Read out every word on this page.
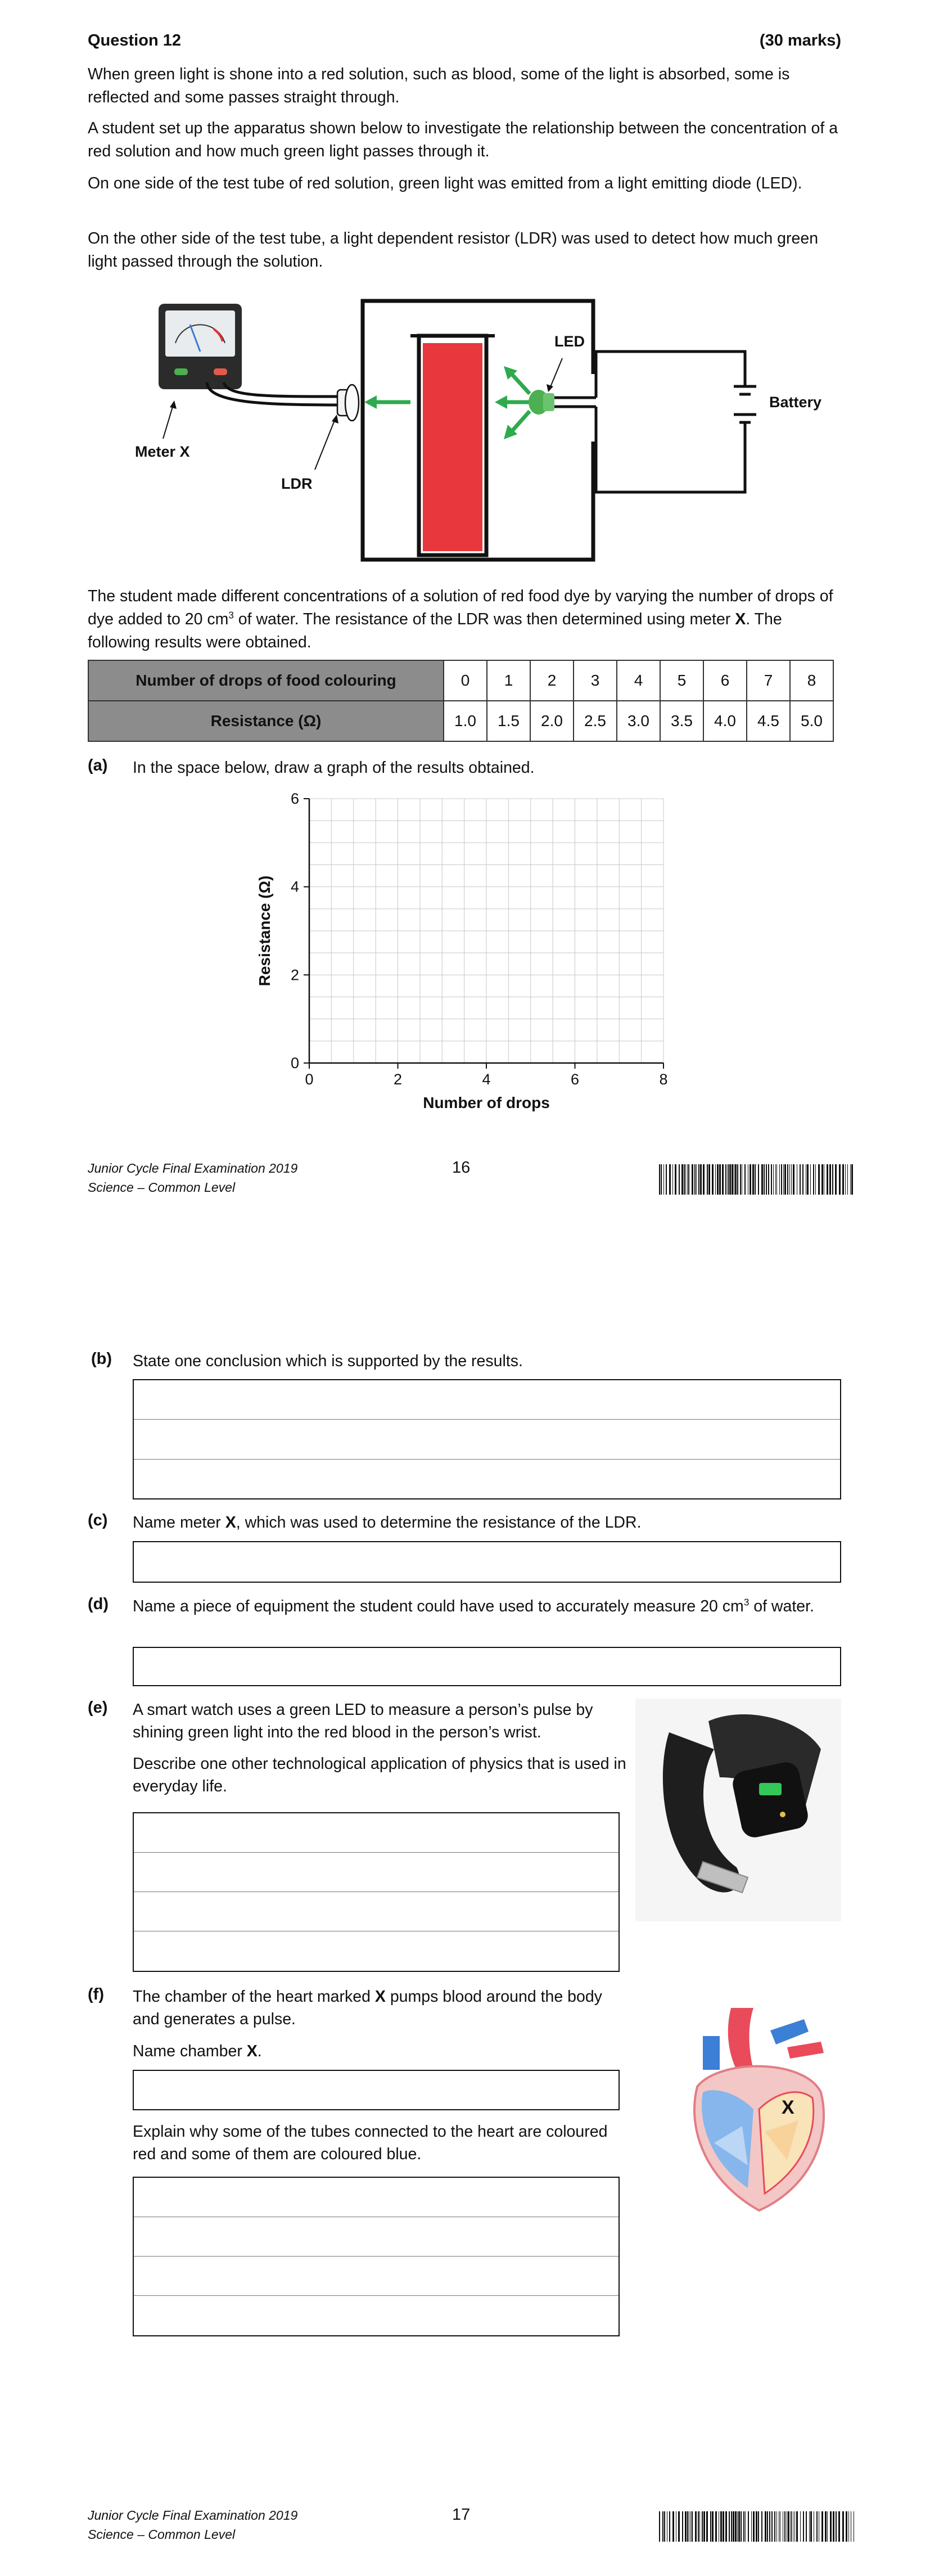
Question 12	(30 marks)

When green light is shone into a red solution, such as blood, some of the light is absorbed, some is reflected and some passes straight through.

A student set up the apparatus shown below to investigate the relationship between the concentration of a red solution and how much green light passes through it.

On one side of the test tube of red solution, green light was emitted from a light emitting diode (LED).

On the other side of the test tube, a light dependent resistor (LDR) was used to detect how much green light passed through the solution.

LED
Battery
Meter X
LDR

The student made different concentrations of a solution of red food dye by varying the number of drops of dye added to 20 $cm^3$ of water. The resistance of the LDR was then determined using meter X. The following results were obtained.

Number of drops of food colouring	0	1	2	3	4	5	6	7	8
Resistance (Ω)	1.0	1.5	2.0	2.5	3.0	3.5	4.0	4.5	5.0
(a) In the space below, draw a graph of the results obtained.

0	2	4	6	8
0
2
4
6
Number of drops
Resistance (Ω)
Junior Cycle Final Examination 2019
Science – Common Level
16
(b) State one conclusion which is supported by the results.

(c) Name meter X, which was used to determine the resistance of the LDR.

(d) Name a piece of equipment the student could have used to accurately measure 20 $cm^3$ of water.

(e) A smart watch uses a green LED to measure a person’s pulse by shining green light into the red blood in the person’s wrist.

Describe one other technological application of physics that is used in everyday life.

(f) The chamber of the heart marked X pumps blood around the body and generates a pulse.

Name chamber X.

Explain why some of the tubes connected to the heart are coloured red and some of them are coloured blue.

X
Junior Cycle Final Examination 2019
Science – Common Level
17
